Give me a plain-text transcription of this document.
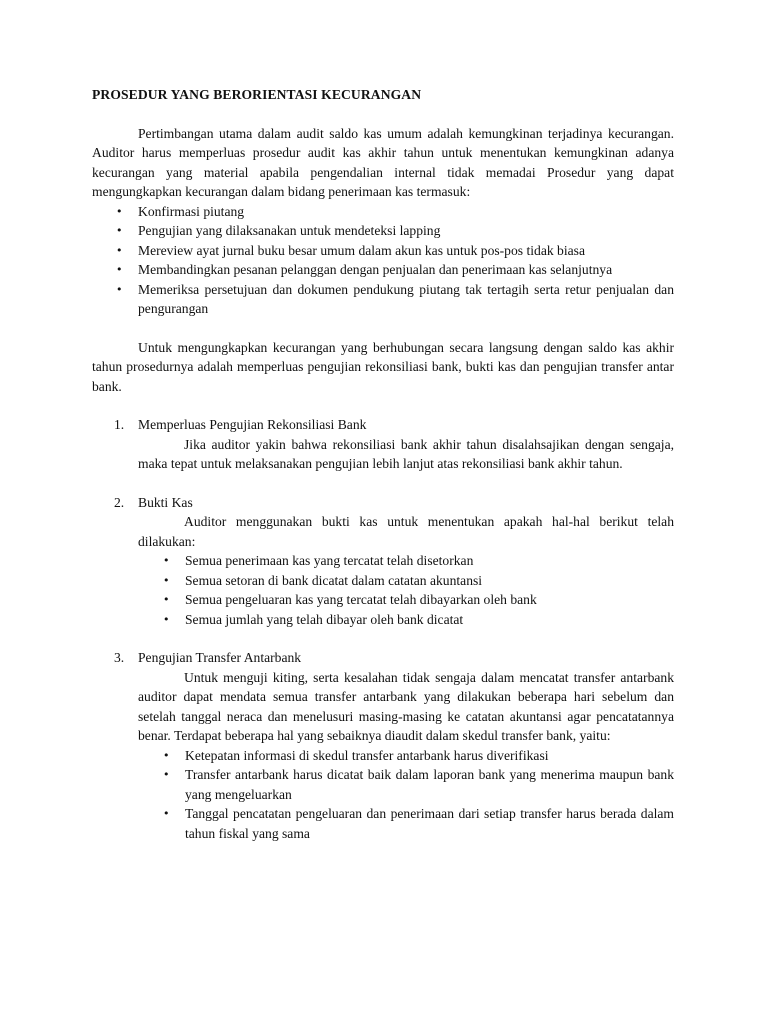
PROSEDUR YANG BERORIENTASI KECURANGAN

Pertimbangan utama dalam audit saldo kas umum adalah kemungkinan terjadinya kecurangan. Auditor harus memperluas prosedur audit kas akhir tahun untuk menentukan kemungkinan adanya kecurangan yang material apabila pengendalian internal tidak memadai Prosedur yang dapat mengungkapkan kecurangan dalam bidang penerimaan kas termasuk:

• Konfirmasi piutang
• Pengujian yang dilaksanakan untuk mendeteksi lapping
• Mereview ayat jurnal buku besar umum dalam akun kas untuk pos-pos tidak biasa
• Membandingkan pesanan pelanggan dengan penjualan dan penerimaan kas selanjutnya
• Memeriksa persetujuan dan dokumen pendukung piutang tak tertagih serta retur penjualan dan pengurangan

Untuk mengungkapkan kecurangan yang berhubungan secara langsung dengan saldo kas akhir tahun prosedurnya adalah memperluas pengujian rekonsiliasi bank, bukti kas dan pengujian transfer antar bank.

1. Memperluas Pengujian Rekonsiliasi Bank

Jika auditor yakin bahwa rekonsiliasi bank akhir tahun disalahsajikan dengan sengaja, maka tepat untuk melaksanakan pengujian lebih lanjut atas rekonsiliasi bank akhir tahun.

2. Bukti Kas

Auditor menggunakan bukti kas untuk menentukan apakah hal-hal berikut telah dilakukan:

• Semua penerimaan kas yang tercatat telah disetorkan
• Semua setoran di bank dicatat dalam catatan akuntansi
• Semua pengeluaran kas yang tercatat telah dibayarkan oleh bank
• Semua jumlah yang telah dibayar oleh bank dicatat
3. Pengujian Transfer Antarbank

Untuk menguji kiting, serta kesalahan tidak sengaja dalam mencatat transfer antarbank auditor dapat mendata semua transfer antarbank yang dilakukan beberapa hari sebelum dan setelah tanggal neraca dan menelusuri masing-masing ke catatan akuntansi agar pencatatannya benar. Terdapat beberapa hal yang sebaiknya diaudit dalam skedul transfer bank, yaitu:

• Ketepatan informasi di skedul transfer antarbank harus diverifikasi
• Transfer antarbank harus dicatat baik dalam laporan bank yang menerima maupun bank yang mengeluarkan
• Tanggal pencatatan pengeluaran dan penerimaan dari setiap transfer harus berada dalam tahun fiskal yang sama
